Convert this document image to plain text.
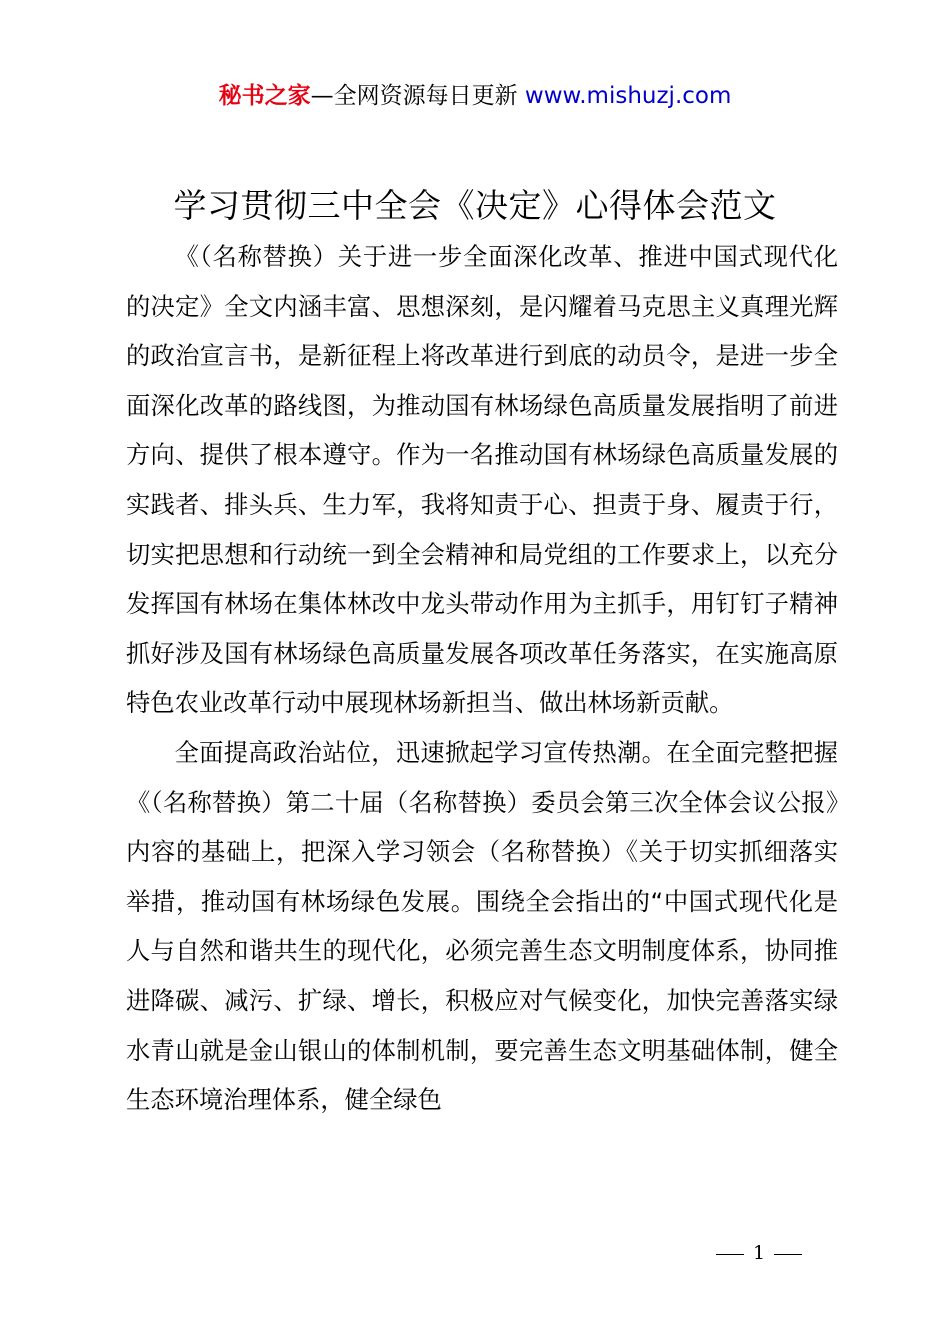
秘书之家—全网资源每日更新 www.mishuzj.com
学习贯彻三中全会《决定》心得体会范文

《（名称替换）关于进一步全面深化改革、推进中国式现代化的决定》全文内涵丰富、思想深刻，是闪耀着马克思主义真理光辉的政治宣言书，是新征程上将改革进行到底的动员令，是进一步全面深化改革的路线图，为推动国有林场绿色高质量发展指明了前进方向、提供了根本遵守。作为一名推动国有林场绿色高质量发展的实践者、排头兵、生力军，我将知责于心、担责于身、履责于行，切实把思想和行动统一到全会精神和局党组的工作要求上，以充分发挥国有林场在集体林改中龙头带动作用为主抓手，用钉钉子精神抓好涉及国有林场绿色高质量发展各项改革任务落实，在实施高原特色农业改革行动中展现林场新担当、做出林场新贡献。

全面提高政治站位，迅速掀起学习宣传热潮。在全面完整把握《（名称替换）第二十届（名称替换）委员会第三次全体会议公报》内容的基础上，把深入学习领会（名称替换）《关于切实抓细落实举措，推动国有林场绿色发展。围绕全会指出的“中国式现代化是人与自然和谐共生的现代化，必须完善生态文明制度体系，协同推进降碳、减污、扩绿、增长，积极应对气候变化，加快完善落实绿水青山就是金山银山的体制机制，要完善生态文明基础体制，健全生态环境治理体系，健全绿色

1
